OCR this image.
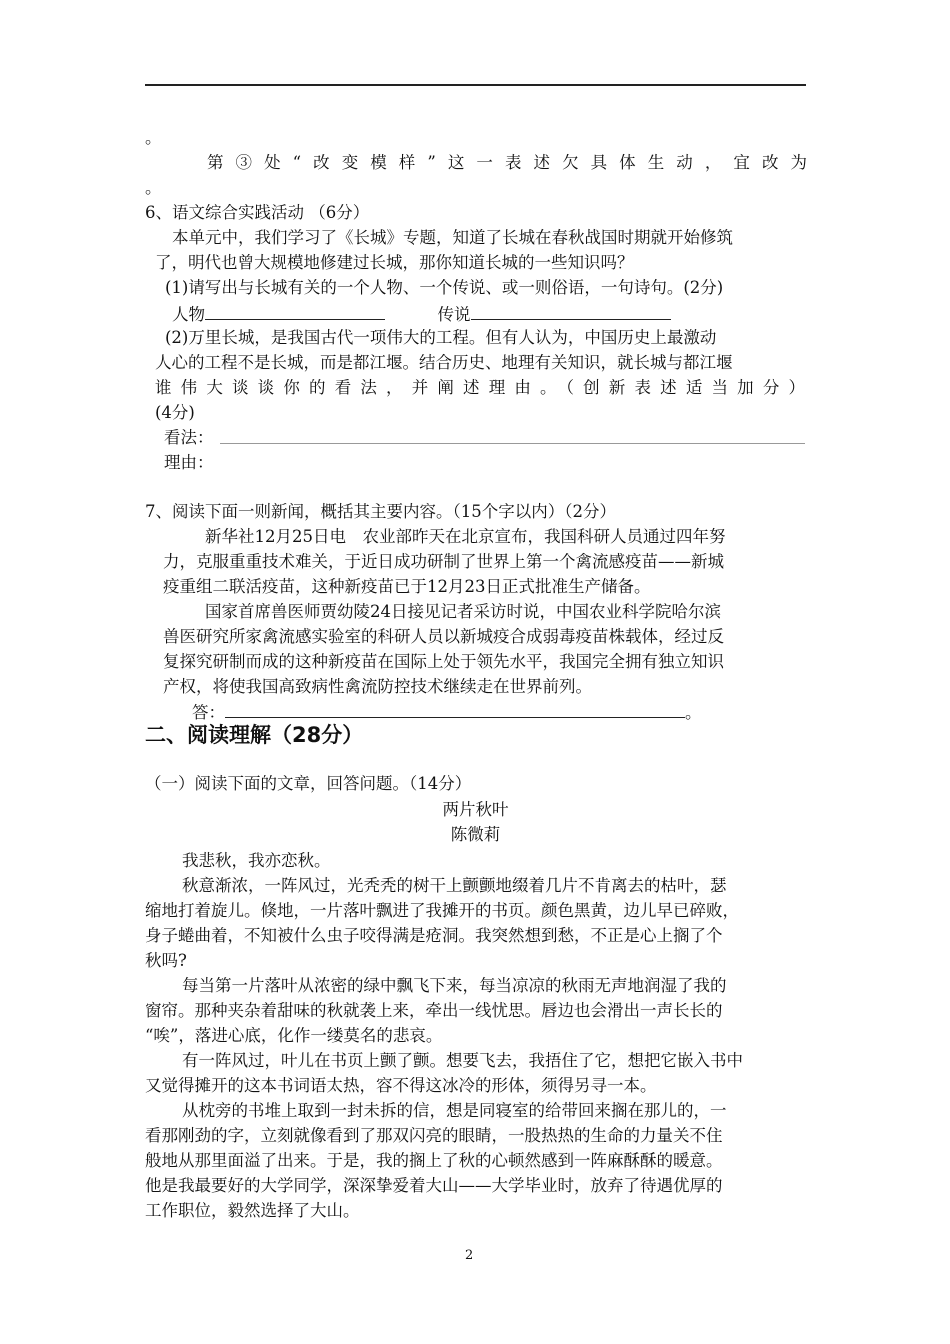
。
第③处“改变模样”这一表述欠具体生动，宜改为
。
6、语文综合实践活动 （6分）
本单元中，我们学习了《长城》专题，知道了长城在春秋战国时期就开始修筑
了，明代也曾大规模地修建过长城，那你知道长城的一些知识吗？
(1)请写出与长城有关的一个人物、一个传说、或一则俗语，一句诗句。(2分)
人物	传说
(2)万里长城，是我国古代一项伟大的工程。但有人认为，中国历史上最激动
人心的工程不是长城，而是都江堰。结合历史、地理有关知识，就长城与都江堰
谁伟大谈谈你的看法，并阐述理由。（创新表述适当加分）
(4分)
看法：
理由：
7、阅读下面一则新闻，概括其主要内容。（15个字以内）（2分）
新华社12月25日电　农业部昨天在北京宣布，我国科研人员通过四年努
力，克服重重技术难关，于近日成功研制了世界上第一个禽流感疫苗——新城
疫重组二联活疫苗，这种新疫苗已于12月23日正式批准生产储备。
国家首席兽医师贾幼陵24日接见记者采访时说，中国农业科学院哈尔滨
兽医研究所家禽流感实验室的科研人员以新城疫合成弱毒疫苗株载体，经过反
复探究研制而成的这种新疫苗在国际上处于领先水平，我国完全拥有独立知识
产权，将使我国高致病性禽流防控技术继续走在世界前列。
答：	。
二、阅读理解（28分）
（一）阅读下面的文章，回答问题。（14分）
两片秋叶
陈微莉
我悲秋，我亦恋秋。
秋意渐浓，一阵风过，光秃秃的树干上颤颤地缀着几片不肯离去的枯叶，瑟
缩地打着旋儿。倏地，一片落叶飘进了我摊开的书页。颜色黑黄，边儿早已碎败，
身子蜷曲着，不知被什么虫子咬得满是疮洞。我突然想到愁，不正是心上搁了个
秋吗?
每当第一片落叶从浓密的绿中飘飞下来，每当凉凉的秋雨无声地润湿了我的
窗帘。那种夹杂着甜味的秋就袭上来，牵出一线忧思。唇边也会滑出一声长长的
“唉”，落进心底，化作一缕莫名的悲哀。
有一阵风过，叶儿在书页上颤了颤。想要飞去，我捂住了它，想把它嵌入书中
又觉得摊开的这本书词语太热，容不得这冰冷的形体，须得另寻一本。
从枕旁的书堆上取到一封未拆的信，想是同寝室的给带回来搁在那儿的，一
看那刚劲的字，立刻就像看到了那双闪亮的眼睛，一股热热的生命的力量关不住
般地从那里面溢了出来。于是，我的搁上了秋的心顿然感到一阵麻酥酥的暖意。
他是我最要好的大学同学，深深挚爱着大山——大学毕业时，放弃了待遇优厚的
工作职位，毅然选择了大山。
2
